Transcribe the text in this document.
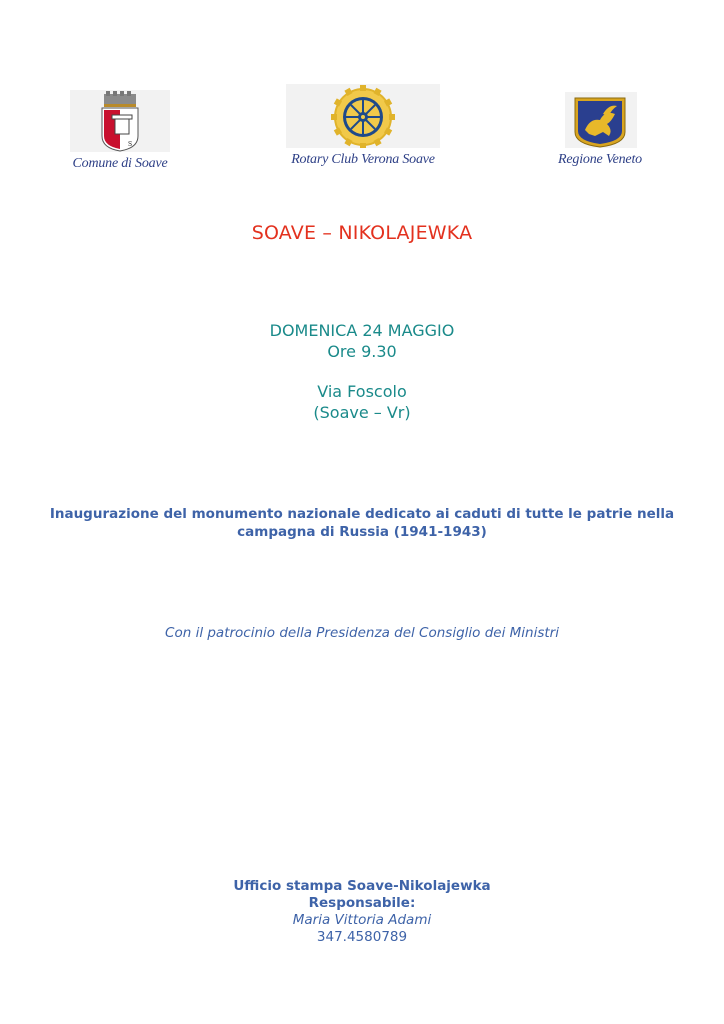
S
Comune di Soave	Rotary Club Verona Soave	Regione Veneto
SOAVE – NIKOLAJEWKA
DOMENICA 24 MAGGIO
Ore 9.30
Via Foscolo
(Soave – Vr)
Inaugurazione del monumento nazionale dedicato ai caduti di tutte le patrie nella
campagna di Russia (1941-1943)
Con il patrocinio della Presidenza del Consiglio dei Ministri
Ufficio stampa Soave-Nikolajewka
Responsabile:
Maria Vittoria Adami
347.4580789
